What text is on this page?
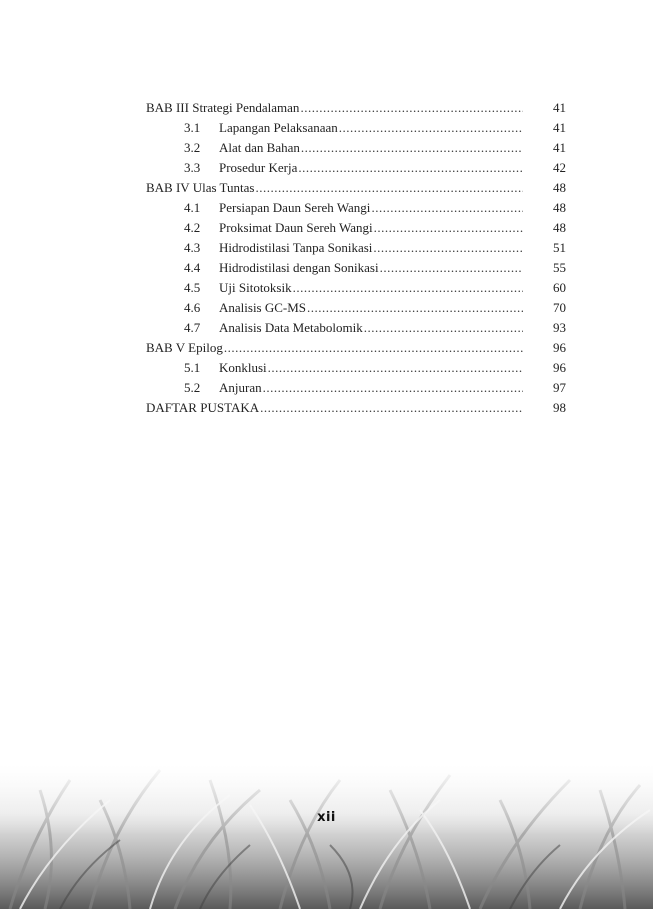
BAB III Strategi Pendalaman .....	41
3.1	Lapangan Pelaksanaan .....	41
3.2	Alat dan Bahan .....	41
3.3	Prosedur Kerja .....	42
BAB IV Ulas Tuntas .....	48
4.1	Persiapan Daun Sereh Wangi .....	48
4.2	Proksimat Daun Sereh Wangi .....	48
4.3	Hidrodistilasi Tanpa Sonikasi .....	51
4.4	Hidrodistilasi dengan Sonikasi .....	55
4.5	Uji Sitotoksik .....	60
4.6	Analisis GC-MS .....	70
4.7	Analisis Data Metabolomik .....	93
BAB V Epilog .....	96
5.1	Konklusi .....	96
5.2	Anjuran .....	97
DAFTAR PUSTAKA .....	98
xii
